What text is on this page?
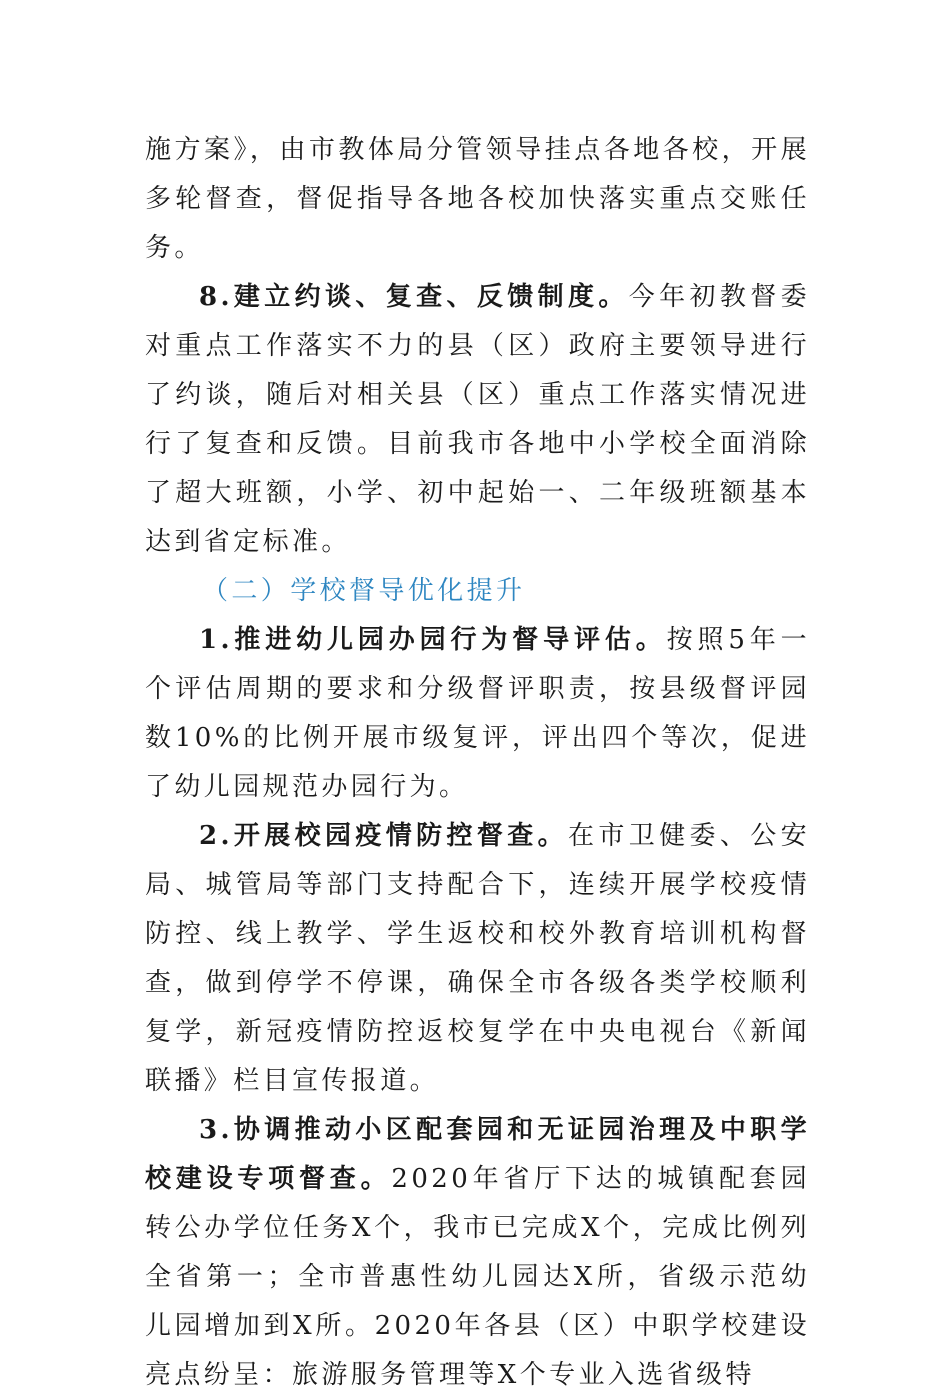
施方案》，由市教体局分管领导挂点各地各校，开展多轮督查，督促指导各地各校加快落实重点交账任务。

8.建立约谈、复查、反馈制度。今年初教督委对重点工作落实不力的县（区）政府主要领导进行了约谈，随后对相关县（区）重点工作落实情况进行了复查和反馈。目前我市各地中小学校全面消除了超大班额，小学、初中起始一、二年级班额基本达到省定标准。

（二）学校督导优化提升

1.推进幼儿园办园行为督导评估。按照5年一个评估周期的要求和分级督评职责，按县级督评园数10%的比例开展市级复评，评出四个等次，促进了幼儿园规范办园行为。

2.开展校园疫情防控督查。在市卫健委、公安局、城管局等部门支持配合下，连续开展学校疫情防控、线上教学、学生返校和校外教育培训机构督查，做到停学不停课，确保全市各级各类学校顺利复学，新冠疫情防控返校复学在中央电视台《新闻联播》栏目宣传报道。

3.协调推动小区配套园和无证园治理及中职学校建设专项督查。2020年省厅下达的城镇配套园转公办学位任务X个，我市已完成X个，完成比例列全省第一；全市普惠性幼儿园达X所，省级示范幼儿园增加到X所。2020年各县（区）中职学校建设亮点纷呈：旅游服务管理等X个专业入选省级特
